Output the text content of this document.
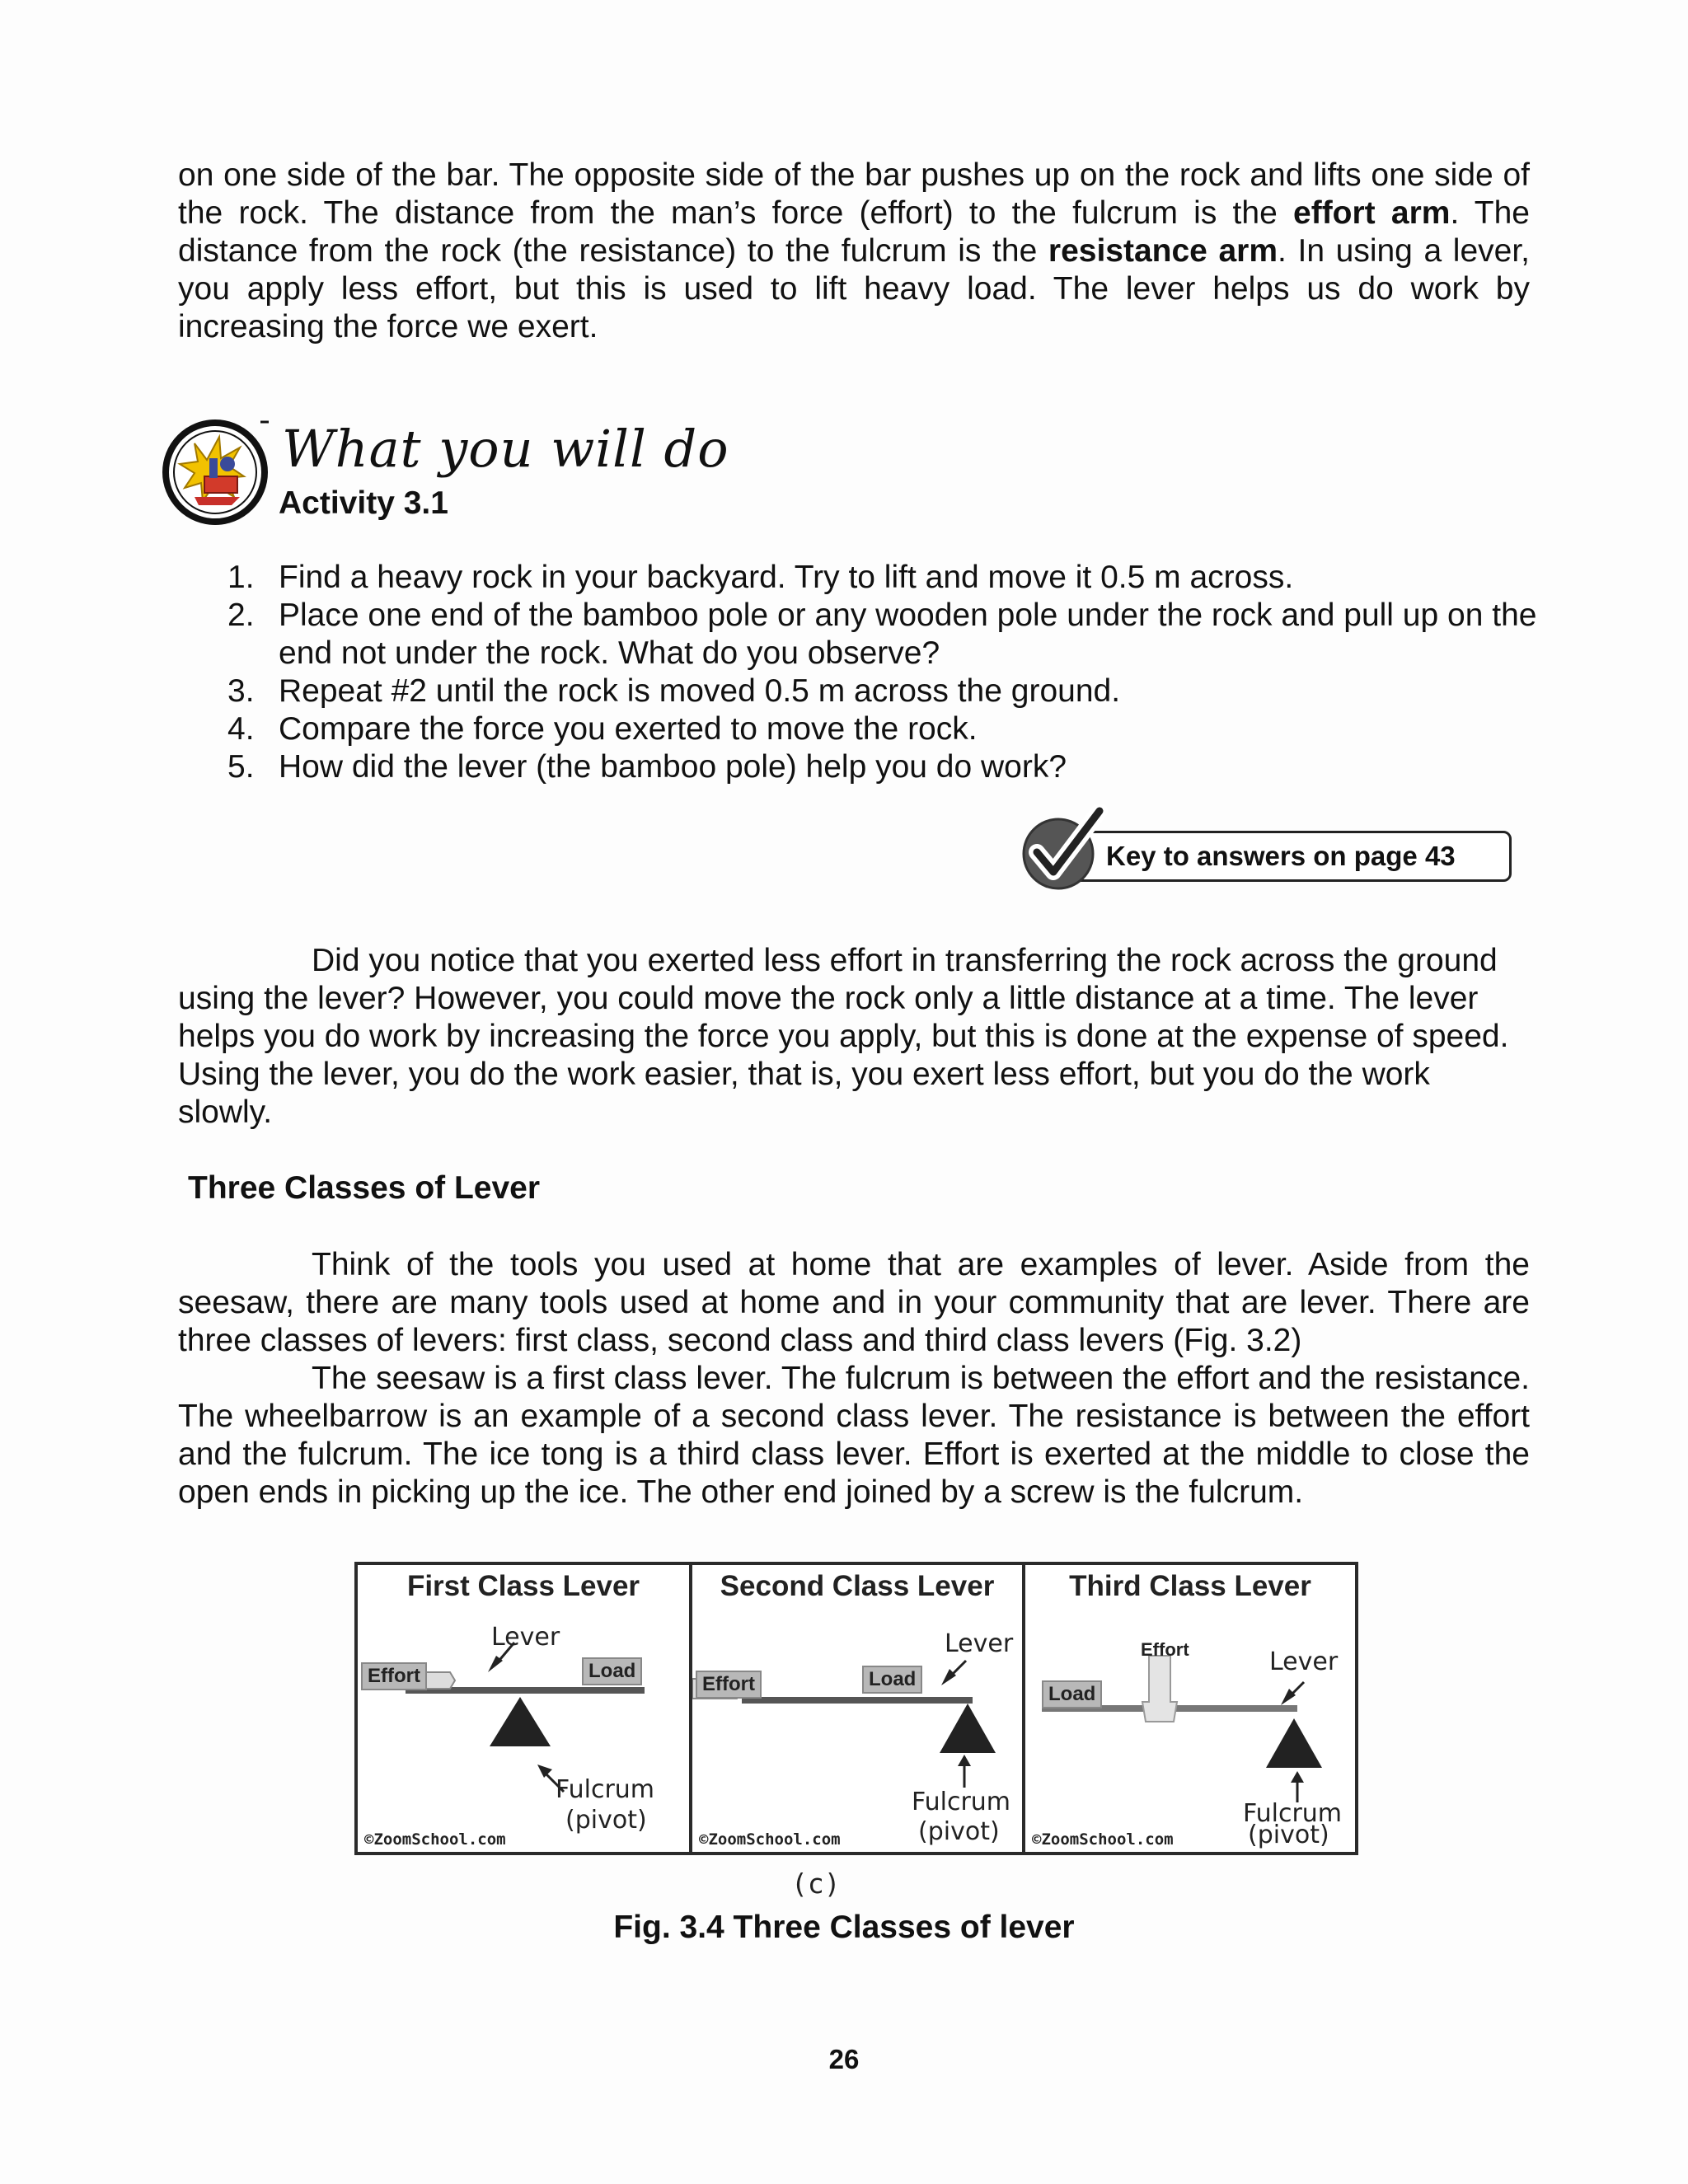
on one side of the bar. The opposite side of the bar pushes up on the rock and lifts one side of the rock. The distance from the man’s force (effort) to the fulcrum is the effort arm. The distance from the rock (the resistance) to the fulcrum is the resistance arm. In using a lever, you apply less effort, but this is used to lift heavy load. The lever helps us do work by increasing the force we exert.

What you will do
Activity 3.1
1. Find a heavy rock in your backyard. Try to lift and move it 0.5 m across.
2. Place one end of the bamboo pole or any wooden pole under the rock and pull up on the end not under the rock. What do you observe?
3. Repeat #2 until the rock is moved 0.5 m across the ground.
4. Compare the force you exerted to move the rock.
5. How did the lever (the bamboo pole) help you do work?
Key to answers on page 43

Did you notice that you exerted less effort in transferring the rock across the ground using the lever? However, you could move the rock only a little distance at a time. The lever helps you do work by increasing the force you apply, but this is done at the expense of speed. Using the lever, you do the work easier, that is, you exert less effort, but you do the work slowly.

Three Classes of Lever

Think of the tools you used at home that are examples of lever. Aside from the seesaw, there are many tools used at home and in your community that are lever. There are three classes of levers: first class, second class and third class levers (Fig. 3.2)

The seesaw is a first class lever. The fulcrum is between the effort and the resistance. The wheelbarrow is an example of a second class lever. The resistance is between the effort and the fulcrum. The ice tong is a third class lever. Effort is exerted at the middle to close the open ends in picking up the ice. The other end joined by a screw is the fulcrum.

First Class Lever
Lever
Effort	Load
Fulcrum
(pivot)
©ZoomSchool.com
Second Class Lever
Lever
Effort	Load
Fulcrum
(pivot)
©ZoomSchool.com
Third Class Lever
Effort	Lever
Load
Fulcrum
(pivot)
©ZoomSchool.com
(c)
Fig. 3.4 Three Classes of lever
26
